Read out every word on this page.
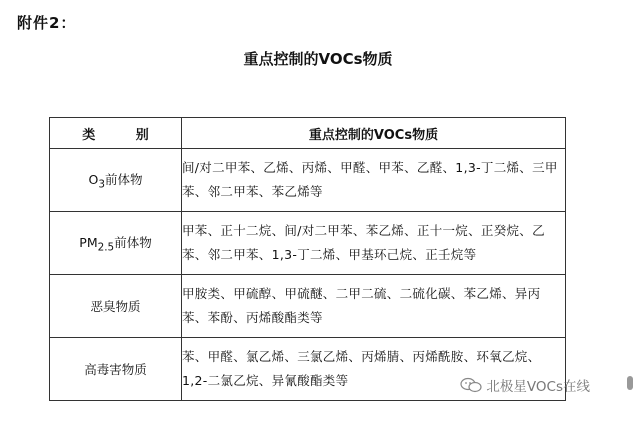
附件2：
重点控制的VOCs物质
类 别	重点控制的VOCs物质
$O_3$前体物	间/对二甲苯、乙烯、丙烯、甲醛、甲苯、乙醛、1,3-丁二烯、三甲苯、邻二甲苯、苯乙烯等
$PM_{2.5}$前体物	甲苯、正十二烷、间/对二甲苯、苯乙烯、正十一烷、正癸烷、乙苯、邻二甲苯、1,3-丁二烯、甲基环己烷、正壬烷等
恶臭物质	甲胺类、甲硫醇、甲硫醚、二甲二硫、二硫化碳、苯乙烯、异丙苯、苯酚、丙烯酸酯类等
高毒害物质	苯、甲醛、氯乙烯、三氯乙烯、丙烯腈、丙烯酰胺、环氧乙烷、1,2-二氯乙烷、异氰酸酯类等	北极星VOCs在线
